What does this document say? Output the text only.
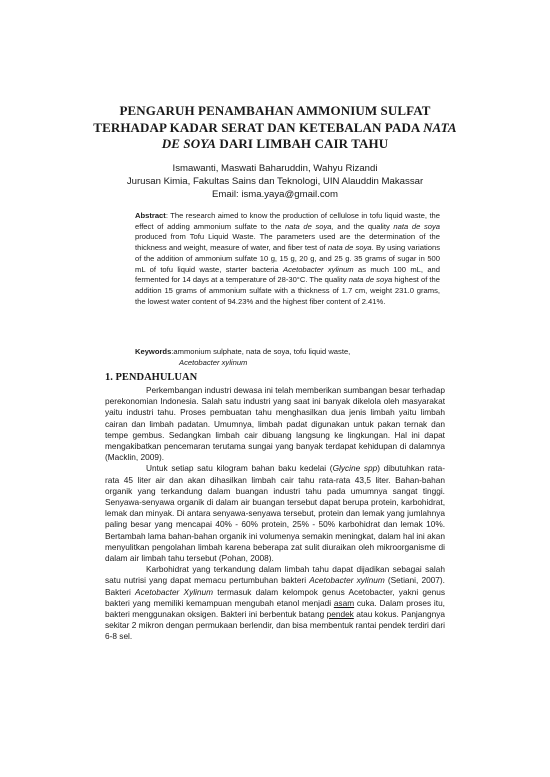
PENGARUH PENAMBAHAN AMMONIUM SULFAT
TERHADAP KADAR SERAT DAN KETEBALAN PADA NATA
DE SOYA DARI LIMBAH CAIR TAHU
Ismawanti, Maswati Baharuddin, Wahyu Rizandi
Jurusan Kimia, Fakultas Sains dan Teknologi, UIN Alauddin Makassar
Email: isma.yaya@gmail.com
Abstract: The research aimed to know the production of cellulose in tofu liquid waste, the effect of adding ammonium sulfate to the nata de soya, and the quality nata de soya produced from Tofu Liquid Waste. The parameters used are the determination of the thickness and weight, measure of water, and fiber test of nata de soya. By using variations of the addition of ammonium sulfate 10 g, 15 g, 20 g, and 25 g. 35 grams of sugar in 500 mL of tofu liquid waste, starter bacteria Acetobacter xylinum as much 100 mL, and fermented for 14 days at a temperature of 28-30°C. The quality nata de soya highest of the addition 15 grams of ammonium sulfate with a thickness of 1.7 cm, weight 231.0 grams, the lowest water content of 94.23% and the highest fiber content of 2.41%.
Keywords:ammonium sulphate, nata de soya, tofu liquid waste,
Acetobacter xylinum
1. PENDAHULUAN

Perkembangan industri dewasa ini telah memberikan sumbangan besar terhadap perekonomian Indonesia. Salah satu industri yang saat ini banyak dikelola oleh masyarakat yaitu industri tahu. Proses pembuatan tahu menghasilkan dua jenis limbah yaitu limbah cairan dan limbah padatan. Umumnya, limbah padat digunakan untuk pakan ternak dan tempe gembus. Sedangkan limbah cair dibuang langsung ke lingkungan. Hal ini dapat mengakibatkan pencemaran terutama sungai yang banyak terdapat kehidupan di dalamnya (Macklin, 2009).

Untuk setiap satu kilogram bahan baku kedelai (Glycine spp) dibutuhkan rata-rata 45 liter air dan akan dihasilkan limbah cair tahu rata-rata 43,5 liter. Bahan-bahan organik yang terkandung dalam buangan industri tahu pada umumnya sangat tinggi. Senyawa-senyawa organik di dalam air buangan tersebut dapat berupa protein, karbohidrat, lemak dan minyak. Di antara senyawa-senyawa tersebut, protein dan lemak yang jumlahnya paling besar yang mencapai 40% - 60% protein, 25% - 50% karbohidrat dan lemak 10%. Bertambah lama bahan-bahan organik ini volumenya semakin meningkat, dalam hal ini akan menyulitkan pengolahan limbah karena beberapa zat sulit diuraikan oleh mikroorganisme di dalam air limbah tahu tersebut (Pohan, 2008).

Karbohidrat yang terkandung dalam limbah tahu dapat dijadikan sebagai salah satu nutrisi yang dapat memacu pertumbuhan bakteri Acetobacter xylinum (Setiani, 2007). Bakteri Acetobacter Xylinum termasuk dalam kelompok genus Acetobacter, yakni genus bakteri yang memiliki kemampuan mengubah etanol menjadi asam cuka. Dalam proses itu, bakteri menggunakan oksigen. Bakteri ini berbentuk batang pendek atau kokus. Panjangnya sekitar 2 mikron dengan permukaan berlendir, dan bisa membentuk rantai pendek terdiri dari 6-8 sel.
